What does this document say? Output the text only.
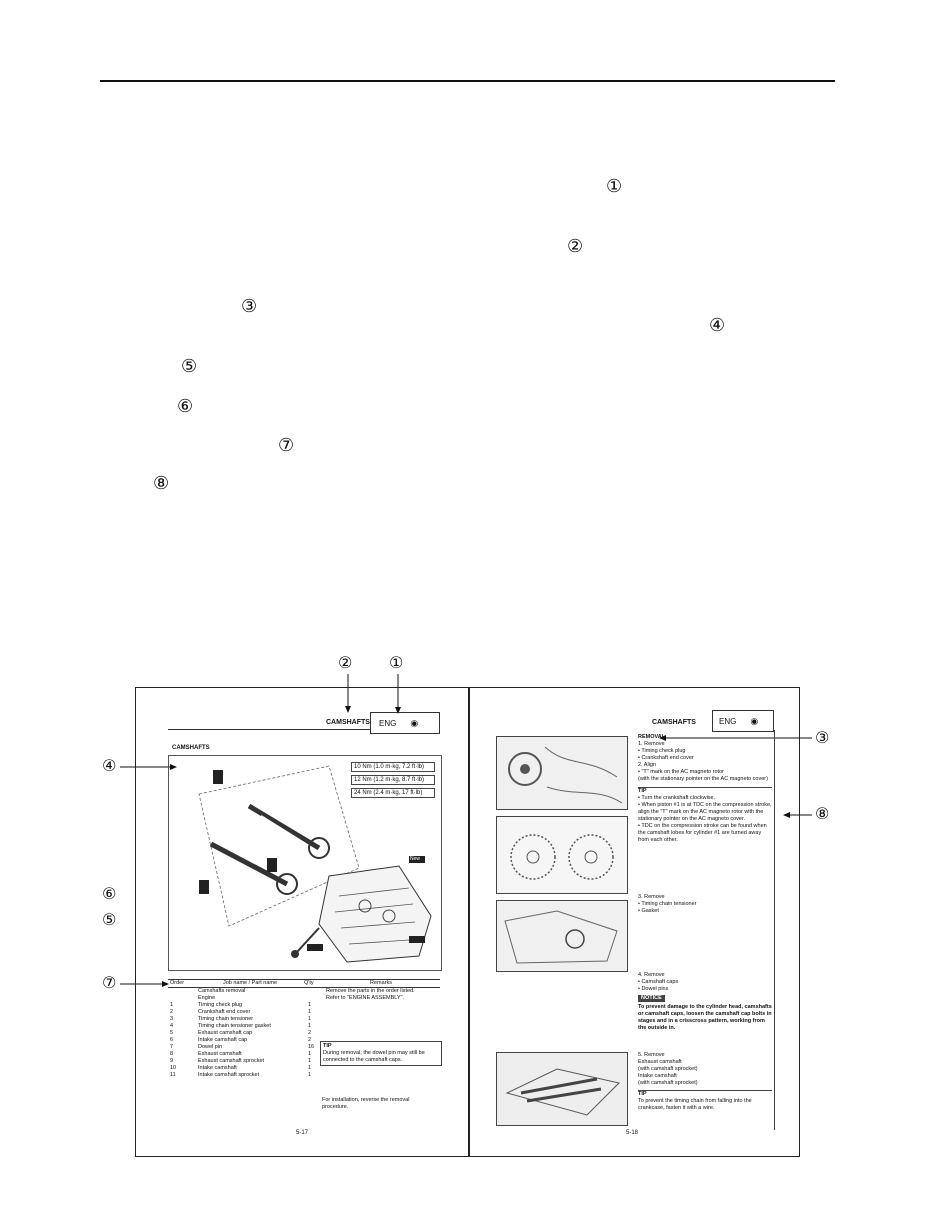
①
②
③
④
⑤
⑥
⑦
⑧
② ①
④
⑥
⑤
⑦
③
⑧
CAMSHAFTS ENG ◉
CAMSHAFTS
10 Nm (1.0 m·kg, 7.2 ft·lb)
12 Nm (1.2 m·kg, 8.7 ft·lb)
24 Nm (2.4 m·kg, 17 ft·lb)
New
Order	Job name / Part name	Q'ty	Remarks
Camshafts removal	Remove the parts in the order listed.
Engine	Refer to "ENGINE ASSEMBLY".
1	Timing check plug	1
2	Crankshaft end cover	1
3	Timing chain tensioner	1
4	Timing chain tensioner gasket	1
5	Exhaust camshaft cap	2
6	Intake camshaft cap	2
7	Dowel pin	16
8	Exhaust camshaft	1
9	Exhaust camshaft sprocket	1
10	Intake camshaft	1
11	Intake camshaft sprocket	1
TIP
During removal, the dowel pin may still be connected to the camshaft caps.
For installation, reverse the removal procedure.
5-17
CAMSHAFTS	ENG ◉
REMOVAL
1. Remove
• Timing check plug
• Crankshaft end cover
2. Align
• "T" mark on the AC magneto rotor
(with the stationary pointer on the AC magneto cover)
TIP
• Turn the crankshaft clockwise.
• When piston #1 is at TDC on the compression stroke, align the "T" mark on the AC magneto rotor with the stationary pointer on the AC magneto cover.
• TDC on the compression stroke can be found when the camshaft lobes for cylinder #1 are turned away from each other.
3. Remove
• Timing chain tensioner
• Gasket
4. Remove
• Camshaft caps
• Dowel pins
NOTICE
To prevent damage to the cylinder head, camshafts or camshaft caps, loosen the camshaft cap bolts in stages and in a crisscross pattern, working from the outside in.
5. Remove
Exhaust camshaft
(with camshaft sprocket)
Intake camshaft
(with camshaft sprocket)
TIP
To prevent the timing chain from falling into the crankcase, fasten it with a wire.
5-18
